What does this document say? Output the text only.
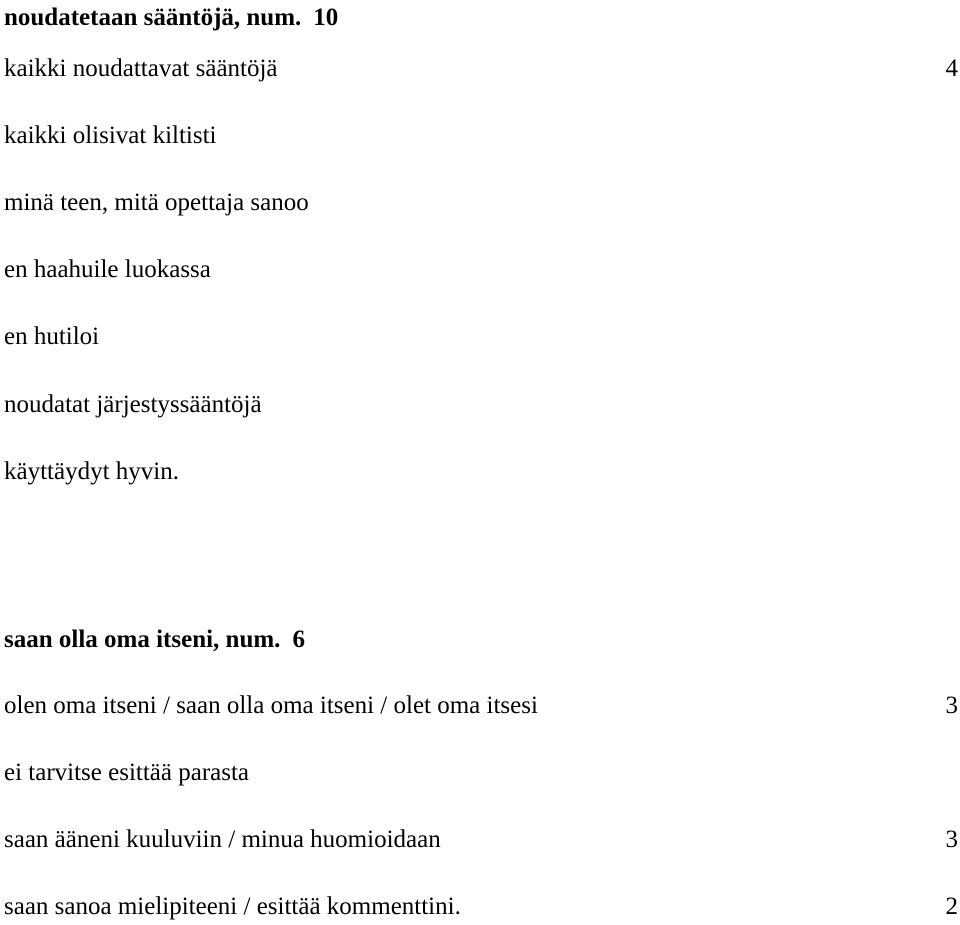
noudatetaan sääntöjä, num. 10
kaikki noudattavat sääntöjä	4
kaikki olisivat kiltisti
minä teen, mitä opettaja sanoo
en haahuile luokassa
en hutiloi
noudatat järjestyssääntöjä
käyttäydyt hyvin.
saan olla oma itseni, num. 6
olen oma itseni / saan olla oma itseni / olet oma itsesi	3
ei tarvitse esittää parasta
saan ääneni kuuluviin / minua huomioidaan	3
saan sanoa mielipiteeni / esittää kommenttini.	2
